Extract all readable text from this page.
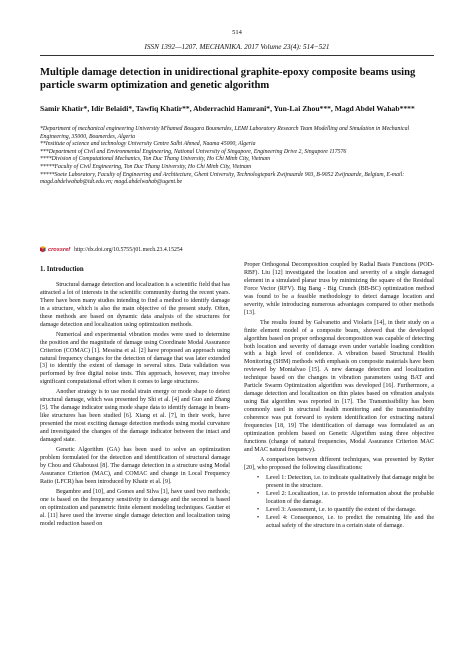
514
ISSN 1392—1207. MECHANIKA. 2017 Volume 23(4): 514−521
Multiple damage detection in unidirectional graphite-epoxy composite beams using particle swarm optimization and genetic algorithm
Samir Khatir*, Idir Belaidi*, Tawfiq Khatir**, Abderrachid Hamrani*, Yun-Lai Zhou***, Magd Abdel Wahab****
*Department of mechanical engineering University M'hamed Bougara Boumerdes, LEMI Laboratory Research Team Modelling and Simulation in Mechanical Engineering, 35000, Boumerdes, Algeria
**Institute of science and technology University Centre Salhi Ahmed, Naama 45000, Algeria
***Department of Civil and Environmental Engineering, National University of Singapore, Engineering Drive 2, Singapore 117576
****Division of Computational Mechanics, Ton Duc Thang University, Ho Chi Minh City, Vietnam
*****Faculty of Civil Engineering, Ton Duc Thang University, Ho Chi Minh City, Vietnam
*****Soete Laboratory, Faculty of Engineering and Architecture, Ghent University, Technologiepark Zwijnaarde 903, B-9052 Zwijnaarde, Belgium, E-mail: magd.abdelwahab@tdt.edu.vn; magd.abdelwahab@ugent.be
crossref http://dx.doi.org/10.5755/j01.mech.23.4.15254
1. Introduction

Structural damage detection and localization is a scientific field that has attracted a lot of interests in the scientific community during the recent years. There have been many studies intending to find a method to identify damage in a structure, which is also the main objective of the present study. Often, these methods are based on dynamic data analysis of the structures for damage detection and localization using optimization methods.

Numerical and experimental vibration modes were used to determine the position and the magnitude of damage using Coordinate Modal Assurance Criterion (COMAC) [1]. Messina et al. [2] have proposed an approach using natural frequency changes for the detection of damage that was later extended [3] to identify the extent of damage in several sites. Data validation was performed by free digital noise tests. This approach, however, may involve significant computational effort when it comes to large structures.

Another strategy is to use modal strain energy or mode shape to detect structural damage, which was presented by Shi et al. [4] and Guo and Zhang [5]. The damage indicator using mode shape data to identify damage in beam-like structures has been studied [6]. Xiang et al. [7], in their work, have presented the most exciting damage detection methods using modal curvature and investigated the changes of the damage indicator between the intact and damaged state.

Genetic Algorithm (GA) has been used to solve an optimization problem formulated for the detection and identification of structural damage by Chou and Ghaboussi [8]. The damage detection in a structure using Modal Assurance Criterion (MAC), and COMAC and change in Local Frequency Ratio (LFCR) has been introduced by Khatir et al. [9].

Begambre and [10], and Gomes and Silva [1], have used two methods; one is based on the frequency sensitivity to damage and the second is based on optimization and parametric finite element modeling techniques. Gautier et al. [11] have used the inverse single damage detection and localization using model reduction based on

Proper Orthogonal Decomposition coupled by Radial Basis Functions (POD-RBF). Liu [12] investigated the location and severity of a single damaged element in a simulated planar truss by minimizing the square of the Residual Force Vector (RFV). Big Bang - Big Crunch (BB-BC) optimization method was found to be a feasible methodology to detect damage location and severity, while introducing numerous advantages compared to other methods [13].

The results found by Galvanetto and Violaris [14], in their study on a finite element model of a composite beam, showed that the developed algorithm based on proper orthogonal decomposition was capable of detecting both location and severity of damage even under variable loading condition with a high level of confidence. A vibration based Structural Health Monitoring (SHM) methods with emphasis on composite materials have been reviewed by Montalvao [15]. A new damage detection and localization technique based on the changes in vibration parameters using BAT and Particle Swarm Optimization algorithm was developed [16]. Furthermore, a damage detection and localization on thin plates based on vibration analysis using Bat algorithm was reported in [17]. The Transmissibility has been commonly used in structural health monitoring and the transmissibility coherence was put forward to system identification for extracting natural frequencies [18, 19] The identification of damage was formulated as an optimization problem based on Genetic Algorithm using three objective functions (change of natural frequencies, Modal Assurance Criterion MAC and MAC natural frequency).

A comparison between different techniques, was presented by Rytter [20], who proposed the following classifications:

• Level 1: Detection, i.e. to indicate qualitatively that damage might be present in the structure.
• Level 2: Localization, i.e. to provide information about the probable location of the damage.
• Level 3: Assessment, i.e. to quantify the extent of the damage.
• Level 4: Consequence, i.e. to predict the remaining life and the actual safety of the structure in a certain state of damage.
